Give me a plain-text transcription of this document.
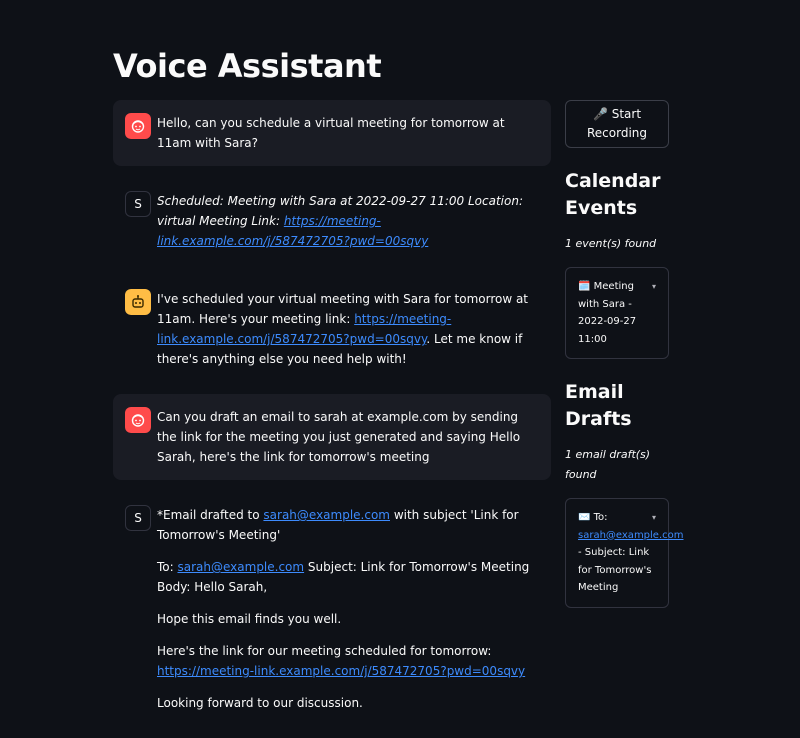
Voice Assistant

Hello, can you schedule a virtual meeting for tomorrow at 11am with Sara?

S Scheduled: Meeting with Sara at 2022-09-27 11:00 Location: virtual Meeting Link: https://meeting-link.example.com/j/587472705?pwd=00sqvy

I've scheduled your virtual meeting with Sara for tomorrow at 11am. Here's your meeting link: https://meeting-link.example.com/j/587472705?pwd=00sqvy. Let me know if there's anything else you need help with!

Can you draft an email to sarah at example.com by sending the link for the meeting you just generated and saying Hello Sarah, here's the link for tomorrow's meeting

S *Email drafted to sarah@example.com with subject 'Link for Tomorrow's Meeting'

To: sarah@example.com Subject: Link for Tomorrow's Meeting Body: Hello Sarah,

Hope this email finds you well.

Here's the link for our meeting scheduled for tomorrow: https://meeting-link.example.com/j/587472705?pwd=00sqvy

Looking forward to our discussion.

🎤 Start Recording
Calendar Events

1 event(s) found

▾
🗓️ Meeting with Sara - 2022-09-27 11:00
Email Drafts

1 email draft(s) found

▾
✉️ To: sarah@example.com - Subject: Link for Tomorrow's Meeting
